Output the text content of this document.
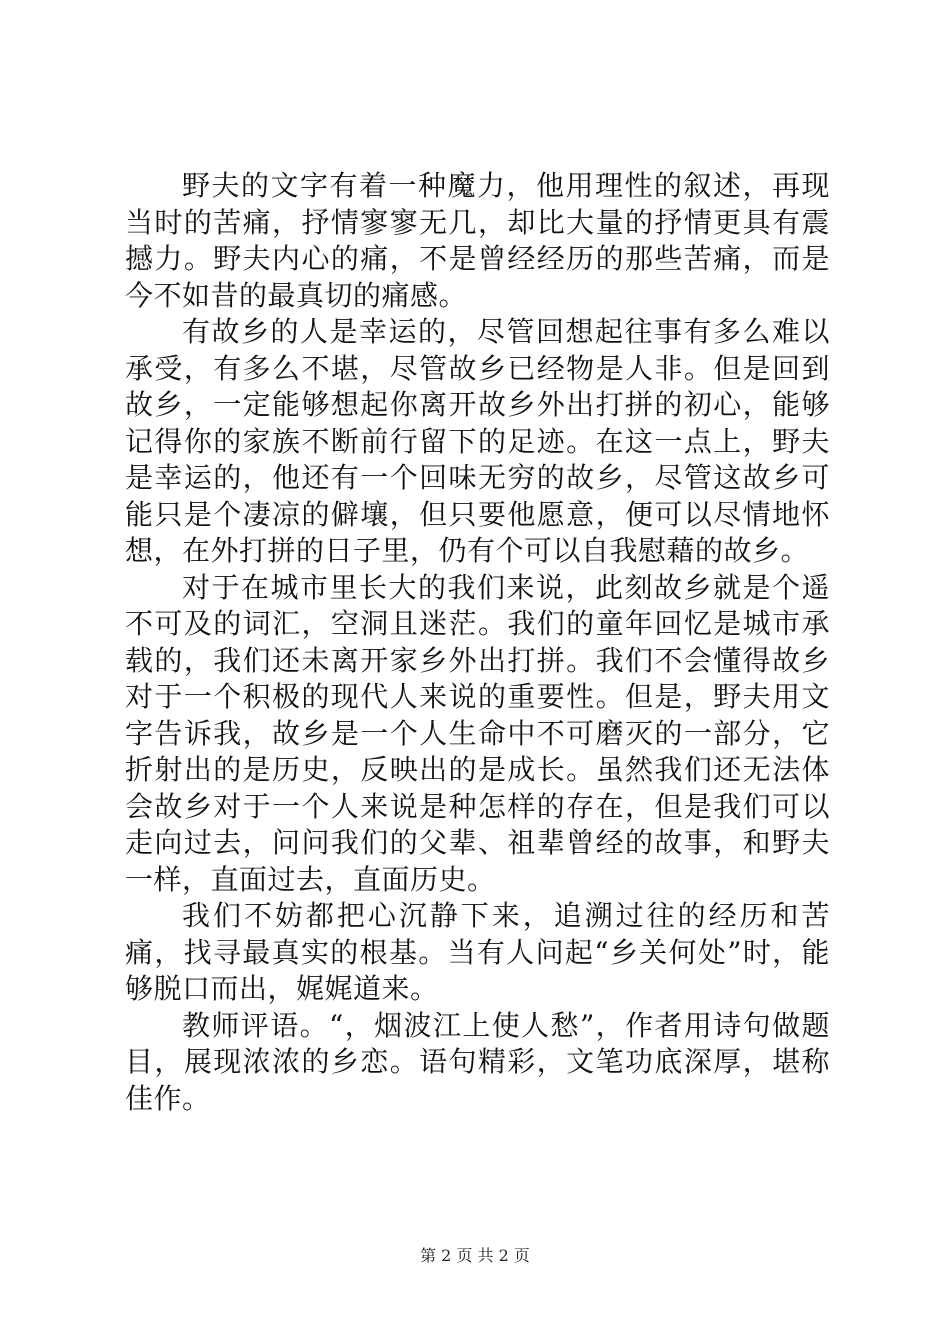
野夫的文字有着一种魔力，他用理性的叙述，再现当时的苦痛，抒情寥寥无几，却比大量的抒情更具有震撼力。野夫内心的痛，不是曾经经历的那些苦痛，而是今不如昔的最真切的痛感。

有故乡的人是幸运的，尽管回想起往事有多么难以承受，有多么不堪，尽管故乡已经物是人非。但是回到故乡，一定能够想起你离开故乡外出打拼的初心，能够记得你的家族不断前行留下的足迹。在这一点上，野夫是幸运的，他还有一个回味无穷的故乡，尽管这故乡可能只是个凄凉的僻壤，但只要他愿意，便可以尽情地怀想，在外打拼的日子里，仍有个可以自我慰藉的故乡。

对于在城市里长大的我们来说，此刻故乡就是个遥不可及的词汇，空洞且迷茫。我们的童年回忆是城市承载的，我们还未离开家乡外出打拼。我们不会懂得故乡对于一个积极的现代人来说的重要性。但是，野夫用文字告诉我，故乡是一个人生命中不可磨灭的一部分，它折射出的是历史，反映出的是成长。虽然我们还无法体会故乡对于一个人来说是种怎样的存在，但是我们可以走向过去，问问我们的父辈、祖辈曾经的故事，和野夫一样，直面过去，直面历史。

我们不妨都把心沉静下来，追溯过往的经历和苦痛，找寻最真实的根基。当有人问起“乡关何处”时，能够脱口而出，娓娓道来。

教师评语。“，烟波江上使人愁”，作者用诗句做题目，展现浓浓的乡恋。语句精彩，文笔功底深厚，堪称佳作。

第 2 页 共 2 页
